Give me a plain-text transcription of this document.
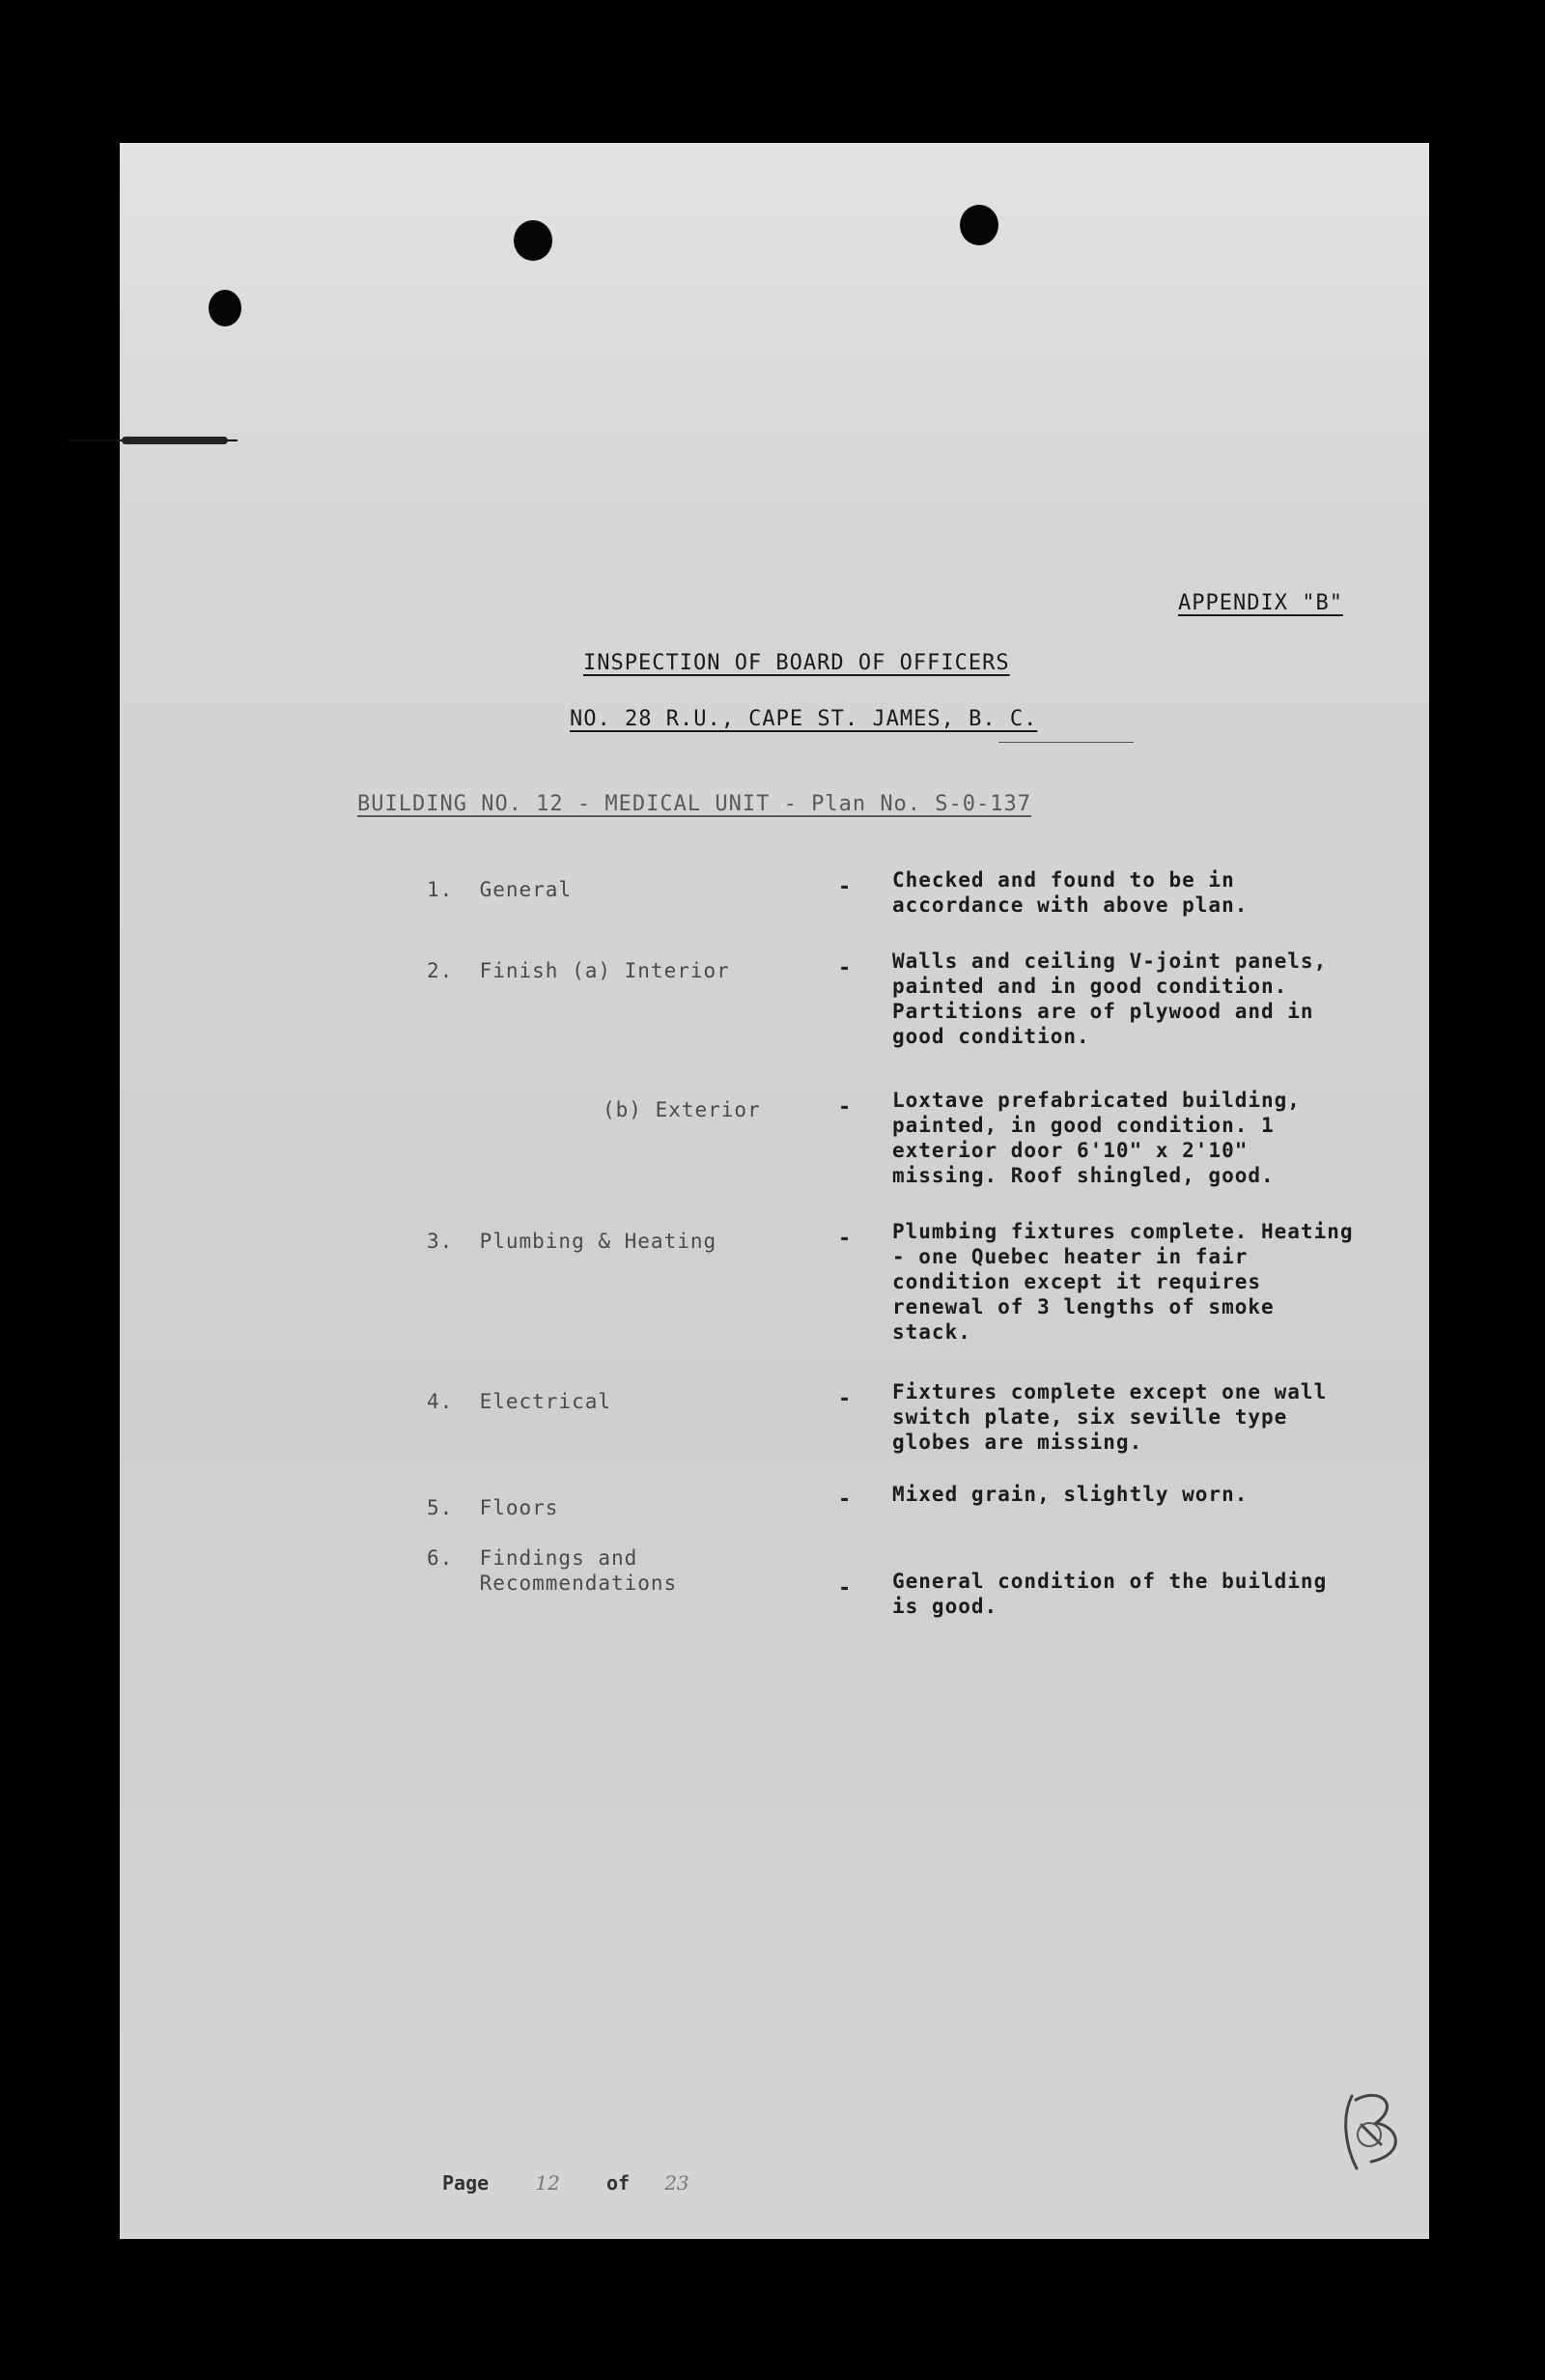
APPENDIX "B"
INSPECTION OF BOARD OF OFFICERS
NO. 28 R.U., CAPE ST. JAMES, B. C.
BUILDING NO. 12 - MEDICAL UNIT - Plan No. S-0-137
1.  General	- Checked and found to be in accordance with above plan.
2.  Finish (a) Interior	- Walls and ceiling V-joint panels, painted and in good condition. Partitions are of plywood and in good condition.
(b) Exterior	- Loxtave prefabricated building, painted, in good condition. 1 exterior door 6'10" x 2'10" missing. Roof shingled, good.
3.  Plumbing & Heating	- Plumbing fixtures complete. Heating - one Quebec heater in fair condition except it requires renewal of 3 lengths of smoke stack.
4.  Electrical	- Fixtures complete except one wall switch plate, six seville type globes are missing.
5.  Floors	- Mixed grain, slightly worn.
6.  Findings and
Recommendations	- General condition of the building is good.
Page 12 of 23
